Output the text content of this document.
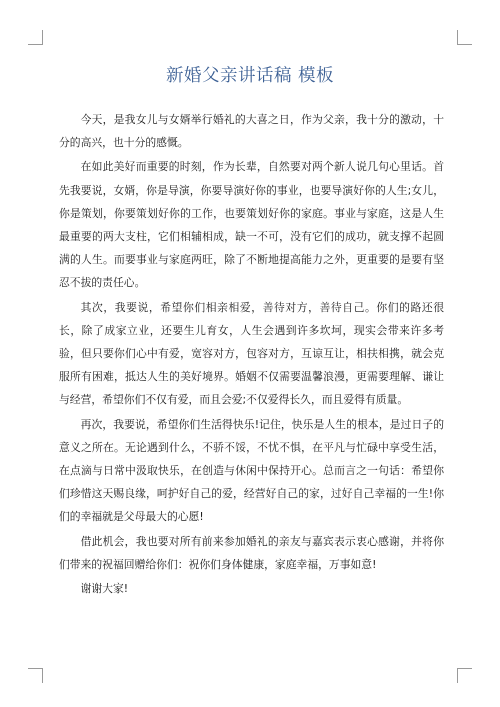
新婚父亲讲话稿 模板

今天，是我女儿与女婿举行婚礼的大喜之日，作为父亲，我十分的激动，十分的高兴，也十分的感慨。

在如此美好而重要的时刻，作为长辈，自然要对两个新人说几句心里话。首先我要说，女婿，你是导演，你要导演好你的事业，也要导演好你的人生;女儿，你是策划，你要策划好你的工作，也要策划好你的家庭。事业与家庭，这是人生最重要的两大支柱，它们相辅相成，缺一不可，没有它们的成功，就支撑不起圆满的人生。而要事业与家庭两旺，除了不断地提高能力之外，更重要的是要有坚忍不拔的责任心。

其次，我要说，希望你们相亲相爱，善待对方，善待自己。你们的路还很长，除了成家立业，还要生儿育女，人生会遇到许多坎坷，现实会带来许多考验，但只要你们心中有爱，宽容对方，包容对方，互谅互让，相扶相携，就会克服所有困难，抵达人生的美好境界。婚姻不仅需要温馨浪漫，更需要理解、谦让与经营，希望你们不仅有爱，而且会爱;不仅爱得长久，而且爱得有质量。

再次，我要说，希望你们生活得快乐!记住，快乐是人生的根本，是过日子的意义之所在。无论遇到什么，不骄不馁，不忧不惧，在平凡与忙碌中享受生活，在点滴与日常中汲取快乐，在创造与休闲中保持开心。总而言之一句话：希望你们珍惜这天赐良缘，呵护好自己的爱，经营好自己的家，过好自己幸福的一生!你们的幸福就是父母最大的心愿!

借此机会，我也要对所有前来参加婚礼的亲友与嘉宾表示衷心感谢，并将你们带来的祝福回赠给你们：祝你们身体健康，家庭幸福，万事如意!

谢谢大家!
